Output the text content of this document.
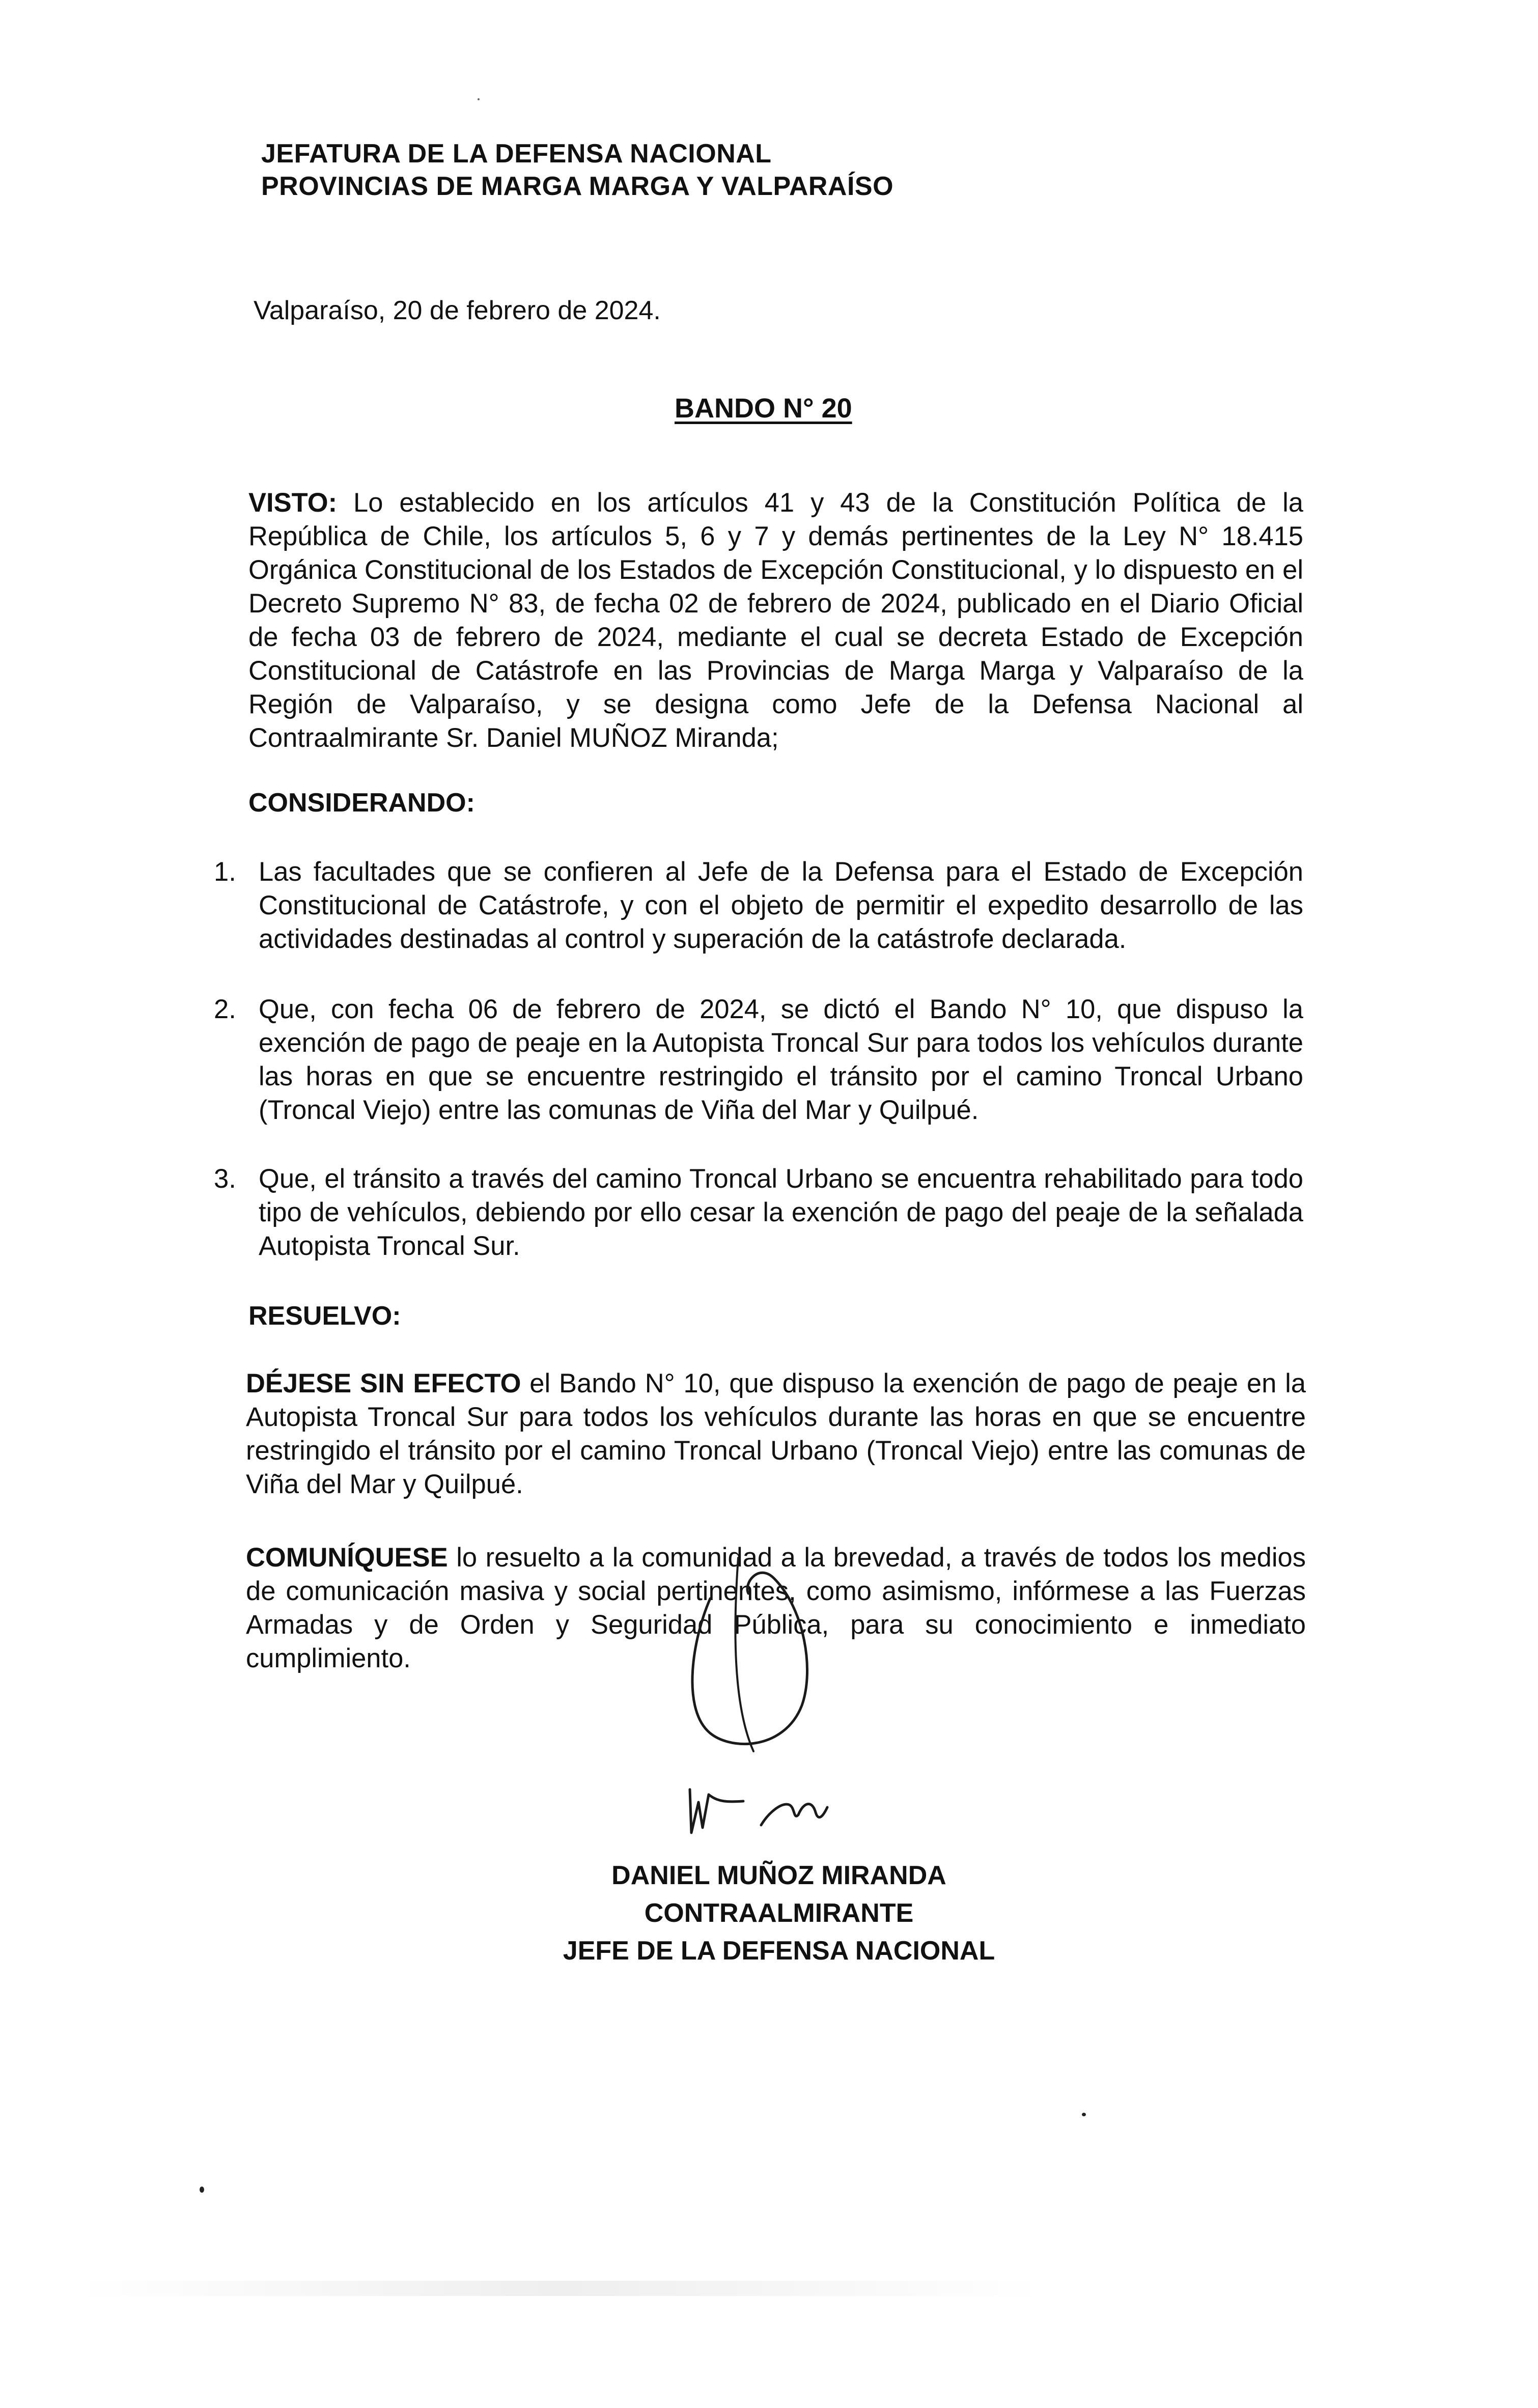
JEFATURA DE LA DEFENSA NACIONAL
PROVINCIAS DE MARGA MARGA Y VALPARAÍSO
Valparaíso, 20 de febrero de 2024.
BANDO N° 20
VISTO: Lo establecido en los artículos 41 y 43 de la Constitución Política de la República de Chile, los artículos 5, 6 y 7 y demás pertinentes de la Ley N° 18.415 Orgánica Constitucional de los Estados de Excepción Constitucional, y lo dispuesto en el Decreto Supremo N° 83, de fecha 02 de febrero de 2024, publicado en el Diario Oficial de fecha 03 de febrero de 2024, mediante el cual se decreta Estado de Excepción Constitucional de Catástrofe en las Provincias de Marga Marga y Valparaíso de la Región de Valparaíso, y se designa como Jefe de la Defensa Nacional al Contraalmirante Sr. Daniel MUÑOZ Miranda;
CONSIDERANDO:
1. Las facultades que se confieren al Jefe de la Defensa para el Estado de Excepción Constitucional de Catástrofe, y con el objeto de permitir el expedito desarrollo de las actividades destinadas al control y superación de la catástrofe declarada.
2. Que, con fecha 06 de febrero de 2024, se dictó el Bando N° 10, que dispuso la exención de pago de peaje en la Autopista Troncal Sur para todos los vehículos durante las horas en que se encuentre restringido el tránsito por el camino Troncal Urbano (Troncal Viejo) entre las comunas de Viña del Mar y Quilpué.
3. Que, el tránsito a través del camino Troncal Urbano se encuentra rehabilitado para todo tipo de vehículos, debiendo por ello cesar la exención de pago del peaje de la señalada Autopista Troncal Sur.
RESUELVO:
DÉJESE SIN EFECTO el Bando N° 10, que dispuso la exención de pago de peaje en la Autopista Troncal Sur para todos los vehículos durante las horas en que se encuentre restringido el tránsito por el camino Troncal Urbano (Troncal Viejo) entre las comunas de Viña del Mar y Quilpué.
COMUNÍQUESE lo resuelto a la comunidad a la brevedad, a través de todos los medios de comunicación masiva y social pertinentes, como asimismo, infórmese a las Fuerzas Armadas y de Orden y Seguridad Pública, para su conocimiento e inmediato cumplimiento.
DANIEL MUÑOZ MIRANDA
CONTRAALMIRANTE
JEFE DE LA DEFENSA NACIONAL
